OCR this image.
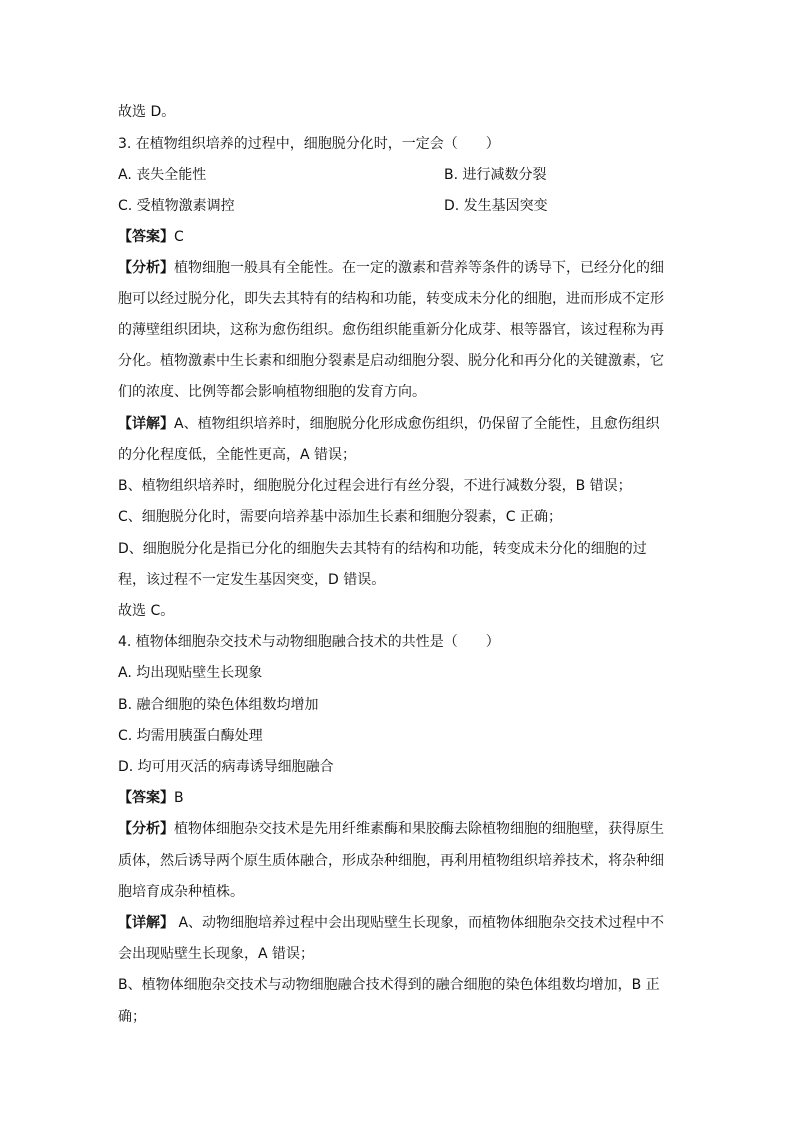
故选 D。
3. 在植物组织培养的过程中，细胞脱分化时，一定会（　　）
A. 丧失全能性	B. 进行减数分裂
C. 受植物激素调控	D. 发生基因突变
【答案】C
【分析】植物细胞一般具有全能性。在一定的激素和营养等条件的诱导下，已经分化的细
胞可以经过脱分化，即失去其特有的结构和功能，转变成未分化的细胞，进而形成不定形
的薄壁组织团块，这称为愈伤组织。愈伤组织能重新分化成芽、根等器官，该过程称为再
分化。植物激素中生长素和细胞分裂素是启动细胞分裂、脱分化和再分化的关键激素，它
们的浓度、比例等都会影响植物细胞的发育方向。
【详解】A、植物组织培养时，细胞脱分化形成愈伤组织，仍保留了全能性，且愈伤组织
的分化程度低，全能性更高，A 错误；
B、植物组织培养时，细胞脱分化过程会进行有丝分裂，不进行减数分裂，B 错误；
C、细胞脱分化时，需要向培养基中添加生长素和细胞分裂素，C 正确；
D、细胞脱分化是指已分化的细胞失去其特有的结构和功能，转变成未分化的细胞的过
程，该过程不一定发生基因突变，D 错误。
故选 C。
4. 植物体细胞杂交技术与动物细胞融合技术的共性是（　　）
A. 均出现贴壁生长现象
B. 融合细胞的染色体组数均增加
C. 均需用胰蛋白酶处理
D. 均可用灭活的病毒诱导细胞融合
【答案】B
【分析】植物体细胞杂交技术是先用纤维素酶和果胶酶去除植物细胞的细胞壁，获得原生
质体，然后诱导两个原生质体融合，形成杂种细胞，再利用植物组织培养技术，将杂种细
胞培育成杂种植株。
【详解】 A、动物细胞培养过程中会出现贴壁生长现象，而植物体细胞杂交技术过程中不
会出现贴壁生长现象，A 错误；
B、植物体细胞杂交技术与动物细胞融合技术得到的融合细胞的染色体组数均增加，B 正
确；
